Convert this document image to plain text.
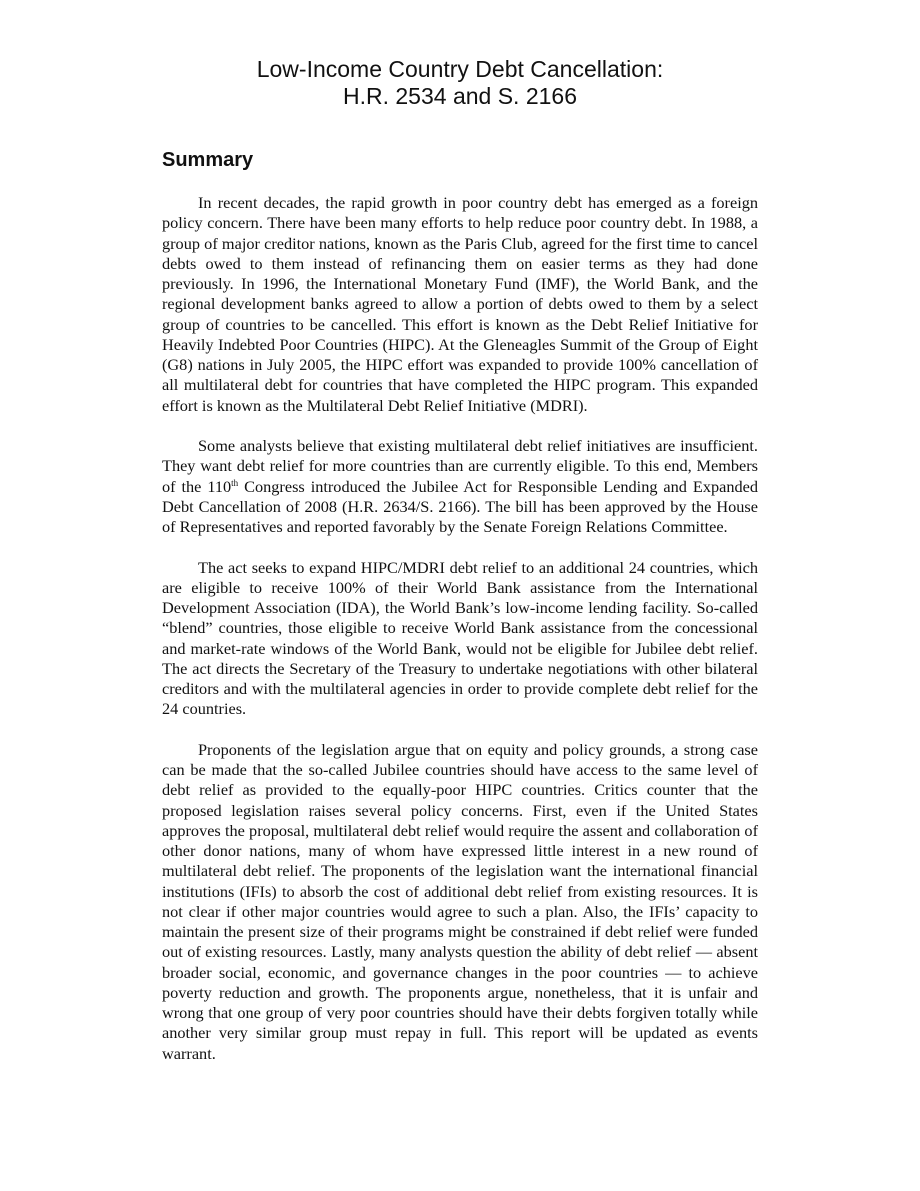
Low-Income Country Debt Cancellation:
H.R. 2534 and S. 2166
Summary

In recent decades, the rapid growth in poor country debt has emerged as a foreign policy concern. There have been many efforts to help reduce poor country debt. In 1988, a group of major creditor nations, known as the Paris Club, agreed for the first time to cancel debts owed to them instead of refinancing them on easier terms as they had done previously. In 1996, the International Monetary Fund (IMF), the World Bank, and the regional development banks agreed to allow a portion of debts owed to them by a select group of countries to be cancelled. This effort is known as the Debt Relief Initiative for Heavily Indebted Poor Countries (HIPC). At the Gleneagles Summit of the Group of Eight (G8) nations in July 2005, the HIPC effort was expanded to provide 100% cancellation of all multilateral debt for countries that have completed the HIPC program. This expanded effort is known as the Multilateral Debt Relief Initiative (MDRI).

Some analysts believe that existing multilateral debt relief initiatives are insufficient. They want debt relief for more countries than are currently eligible. To this end, Members of the 110th Congress introduced the Jubilee Act for Responsible Lending and Expanded Debt Cancellation of 2008 (H.R. 2634/S. 2166). The bill has been approved by the House of Representatives and reported favorably by the Senate Foreign Relations Committee.

The act seeks to expand HIPC/MDRI debt relief to an additional 24 countries, which are eligible to receive 100% of their World Bank assistance from the International Development Association (IDA), the World Bank’s low-income lending facility. So-called “blend” countries, those eligible to receive World Bank assistance from the concessional and market-rate windows of the World Bank, would not be eligible for Jubilee debt relief. The act directs the Secretary of the Treasury to undertake negotiations with other bilateral creditors and with the multilateral agencies in order to provide complete debt relief for the 24 countries.

Proponents of the legislation argue that on equity and policy grounds, a strong case can be made that the so-called Jubilee countries should have access to the same level of debt relief as provided to the equally-poor HIPC countries. Critics counter that the proposed legislation raises several policy concerns. First, even if the United States approves the proposal, multilateral debt relief would require the assent and collaboration of other donor nations, many of whom have expressed little interest in a new round of multilateral debt relief. The proponents of the legislation want the international financial institutions (IFIs) to absorb the cost of additional debt relief from existing resources. It is not clear if other major countries would agree to such a plan. Also, the IFIs’ capacity to maintain the present size of their programs might be constrained if debt relief were funded out of existing resources. Lastly, many analysts question the ability of debt relief — absent broader social, economic, and governance changes in the poor countries — to achieve poverty reduction and growth. The proponents argue, nonetheless, that it is unfair and wrong that one group of very poor countries should have their debts forgiven totally while another very similar group must repay in full. This report will be updated as events warrant.
